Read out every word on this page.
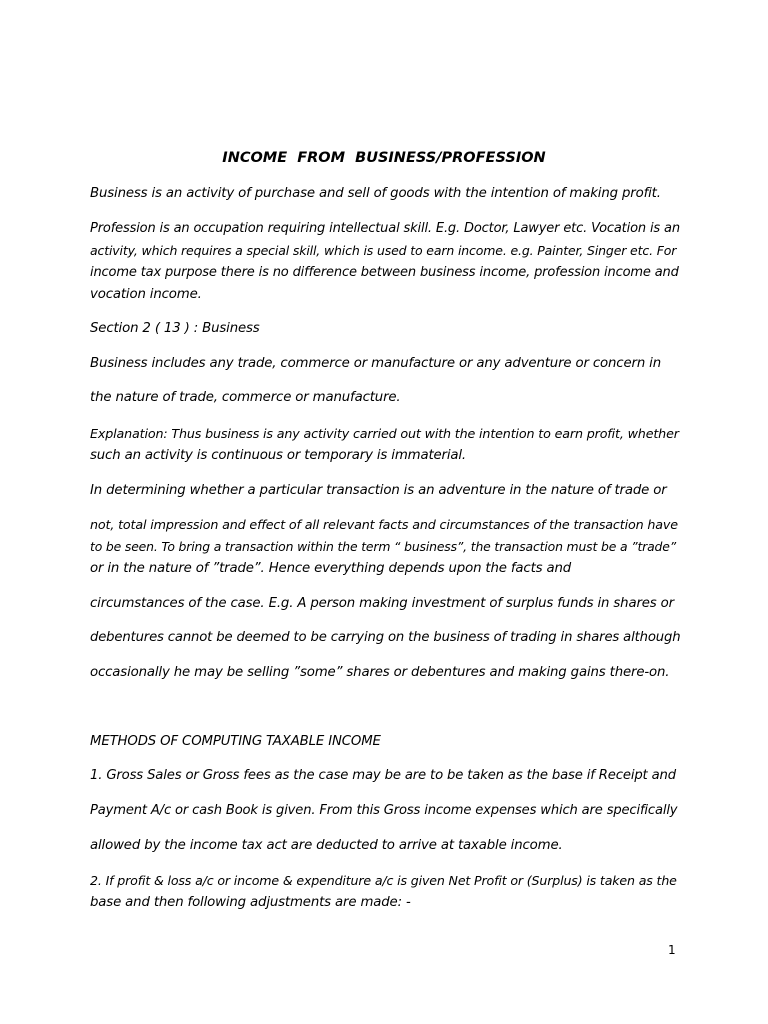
INCOME  FROM  BUSINESS/PROFESSION
Business is an activity of purchase and sell of goods with the intention of making profit.
Profession is an occupation requiring intellectual skill. E.g. Doctor, Lawyer etc. Vocation is an
activity, which requires a special skill, which is used to earn income. e.g. Painter, Singer etc. For
income tax purpose there is no difference between business income, profession income and
vocation income.
Section 2 ( 13 ) : Business
Business includes any trade, commerce or manufacture or any adventure or concern in
the nature of trade, commerce or manufacture.
Explanation: Thus business is any activity carried out with the intention to earn profit, whether
such an activity is continuous or temporary is immaterial.
In determining whether a particular transaction is an adventure in the nature of trade or
not, total impression and effect of all relevant facts and circumstances of the transaction have
to be seen. To bring a transaction within the term “ business”, the transaction must be a ”trade”
or in the nature of ”trade”. Hence everything depends upon the facts and
circumstances of the case. E.g. A person making investment of surplus funds in shares or
debentures cannot be deemed to be carrying on the business of trading in shares although
occasionally he may be selling ”some” shares or debentures and making gains there-on.
METHODS OF COMPUTING TAXABLE INCOME
1. Gross Sales or Gross fees as the case may be are to be taken as the base if Receipt and
Payment A/c or cash Book is given. From this Gross income expenses which are specifically
allowed by the income tax act are deducted to arrive at taxable income.
2. If profit & loss a/c or income & expenditure a/c is given Net Profit or (Surplus) is taken as the
base and then following adjustments are made: -
1
